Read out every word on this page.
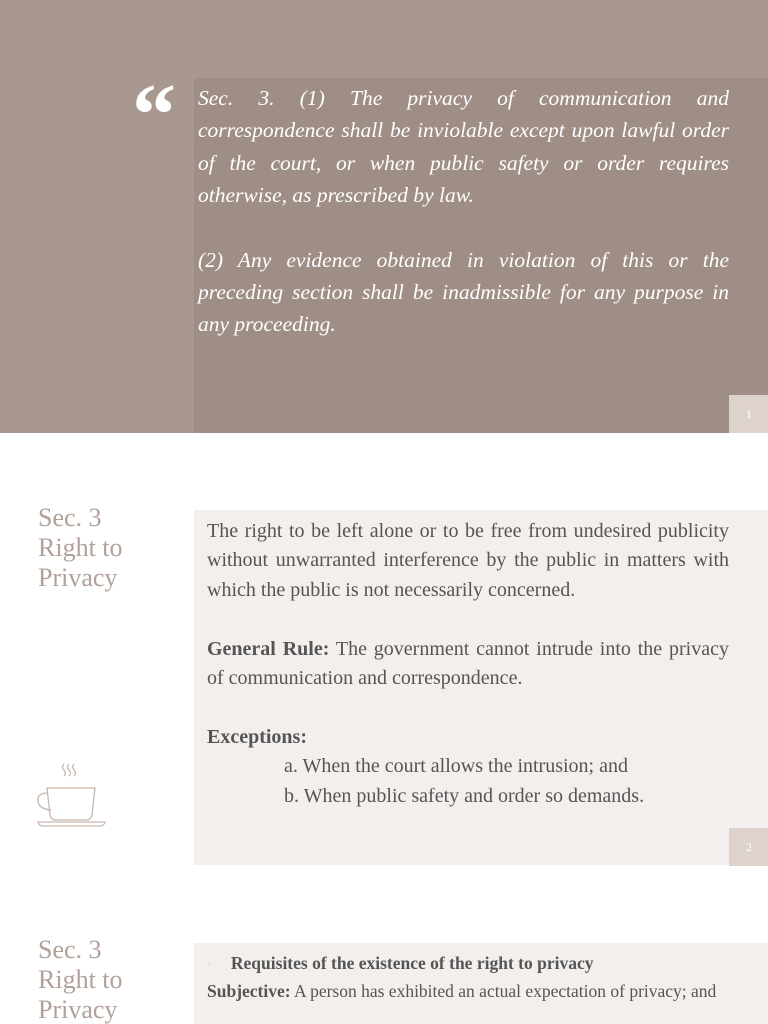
“ Sec. 3. (1) The privacy of communication and correspondence shall be inviolable except upon lawful order of the court, or when public safety or order requires otherwise, as prescribed by law.

(2) Any evidence obtained in violation of this or the preceding section shall be inadmissible for any purpose in any proceeding.

1
Sec. 3
Right to
Privacy

The right to be left alone or to be free from undesired publicity without unwarranted interference by the public in matters with which the public is not necessarily concerned.

General Rule: The government cannot intrude into the privacy of communication and correspondence.

Exceptions:

a. When the court allows the intrusion; and

b. When public safety and order so demands.

2
Sec. 3
Right to
Privacy

◦ Requisites of the existence of the right to privacy

Subjective: A person has exhibited an actual expectation of privacy; and
